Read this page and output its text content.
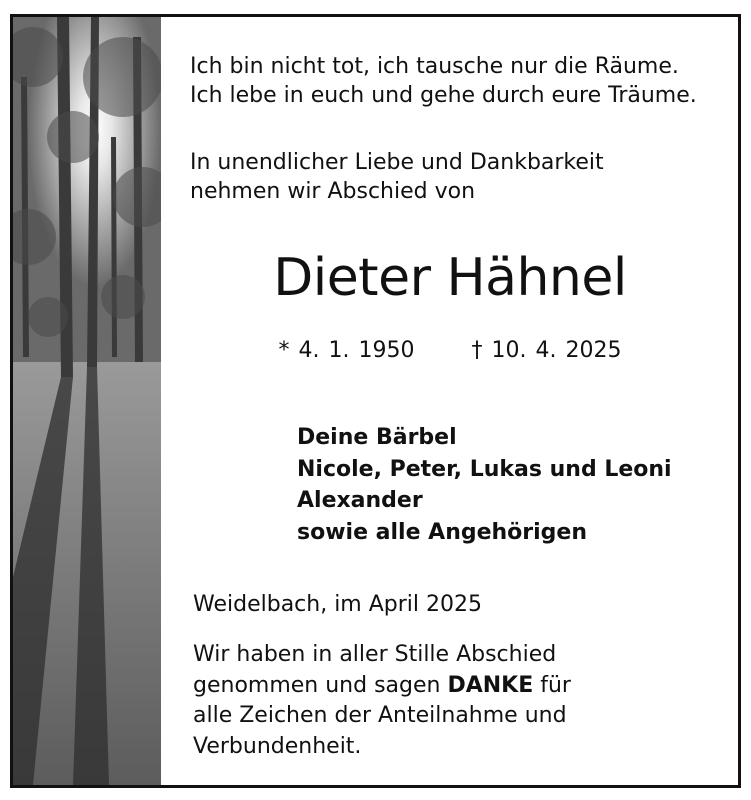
Ich bin nicht tot, ich tausche nur die Räume.
Ich lebe in euch und gehe durch eure Träume.
In unendlicher Liebe und Dankbarkeit
nehmen wir Abschied von
Dieter Hähnel
* 4. 1. 1950	† 10. 4. 2025
Deine Bärbel
Nicole, Peter, Lukas und Leoni
Alexander
sowie alle Angehörigen
Weidelbach, im April 2025
Wir haben in aller Stille Abschied
genommen und sagen DANKE für
alle Zeichen der Anteilnahme und
Verbundenheit.
